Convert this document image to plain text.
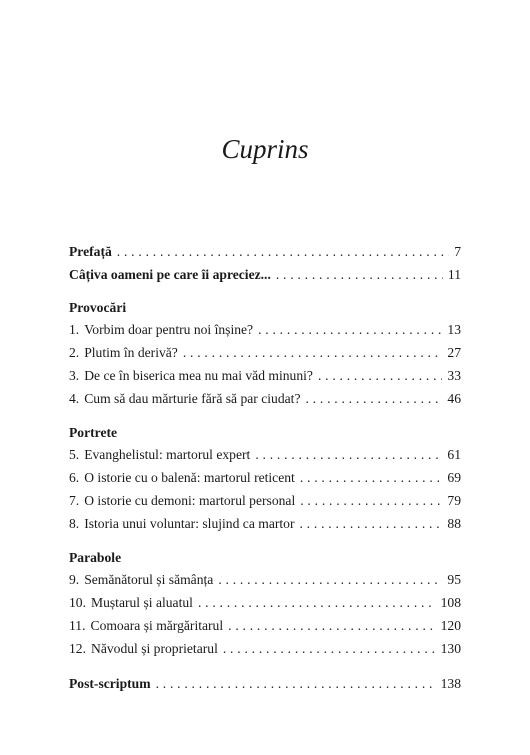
Cuprins
Prefață . . .	7
Câțiva oameni pe care îi apreciez... . . .	11
Provocări
1. Vorbim doar pentru noi înșine? . . .	13
2. Plutim în derivă? . . .	27
3. De ce în biserica mea nu mai văd minuni? . . .	33
4. Cum să dau mărturie fără să par ciudat? . . .	46
Portrete
5. Evanghelistul: martorul expert . . .	61
6. O istorie cu o balenă: martorul reticent . . .	69
7. O istorie cu demoni: martorul personal . . .	79
8. Istoria unui voluntar: slujind ca martor . . .	88
Parabole
9. Semănătorul și sămânța . . .	95
10. Muștarul și aluatul . . .	108
11. Comoara și mărgăritarul . . .	120
12. Năvodul și proprietarul . . .	130
Post-scriptum . . .	138
